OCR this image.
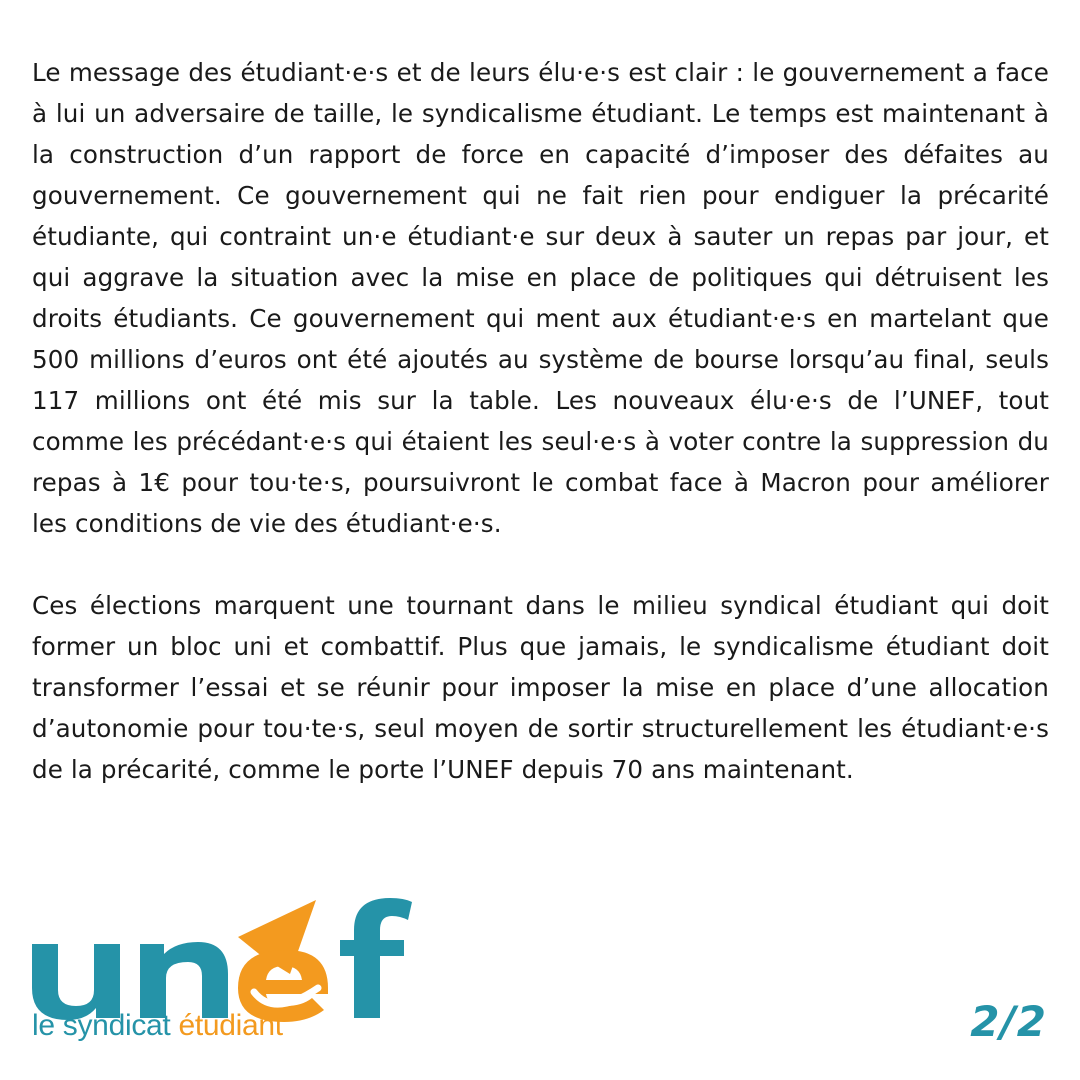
Le message des étudiant·e·s et de leurs élu·e·s est clair : le gouvernement a face à lui un adversaire de taille, le syndicalisme étudiant. Le temps est maintenant à la construction d’un rapport de force en capacité d’imposer des défaites au gouvernement. Ce gouvernement qui ne fait rien pour endiguer la précarité étudiante, qui contraint un·e étudiant·e sur deux à sauter un repas par jour, et qui aggrave la situation avec la mise en place de politiques qui détruisent les droits étudiants. Ce gouvernement qui ment aux étudiant·e·s en martelant que 500 millions d’euros ont été ajoutés au système de bourse lorsqu’au final, seuls 117 millions ont été mis sur la table. Les nouveaux élu·e·s de l’UNEF, tout comme les précédant·e·s qui étaient les seul·e·s à voter contre la suppression du repas à 1€ pour tou·te·s, poursuivront le combat face à Macron pour améliorer les conditions de vie des étudiant·e·s.

Ces élections marquent une tournant dans le milieu syndical étudiant qui doit former un bloc uni et combattif. Plus que jamais, le syndicalisme étudiant doit transformer l’essai et se réunir pour imposer la mise en place d’une allocation d’autonomie pour tou·te·s, seul moyen de sortir structurellement les étudiant·e·s de la précarité, comme le porte l’UNEF depuis 70 ans maintenant.

le syndicat étudiant	2/2
